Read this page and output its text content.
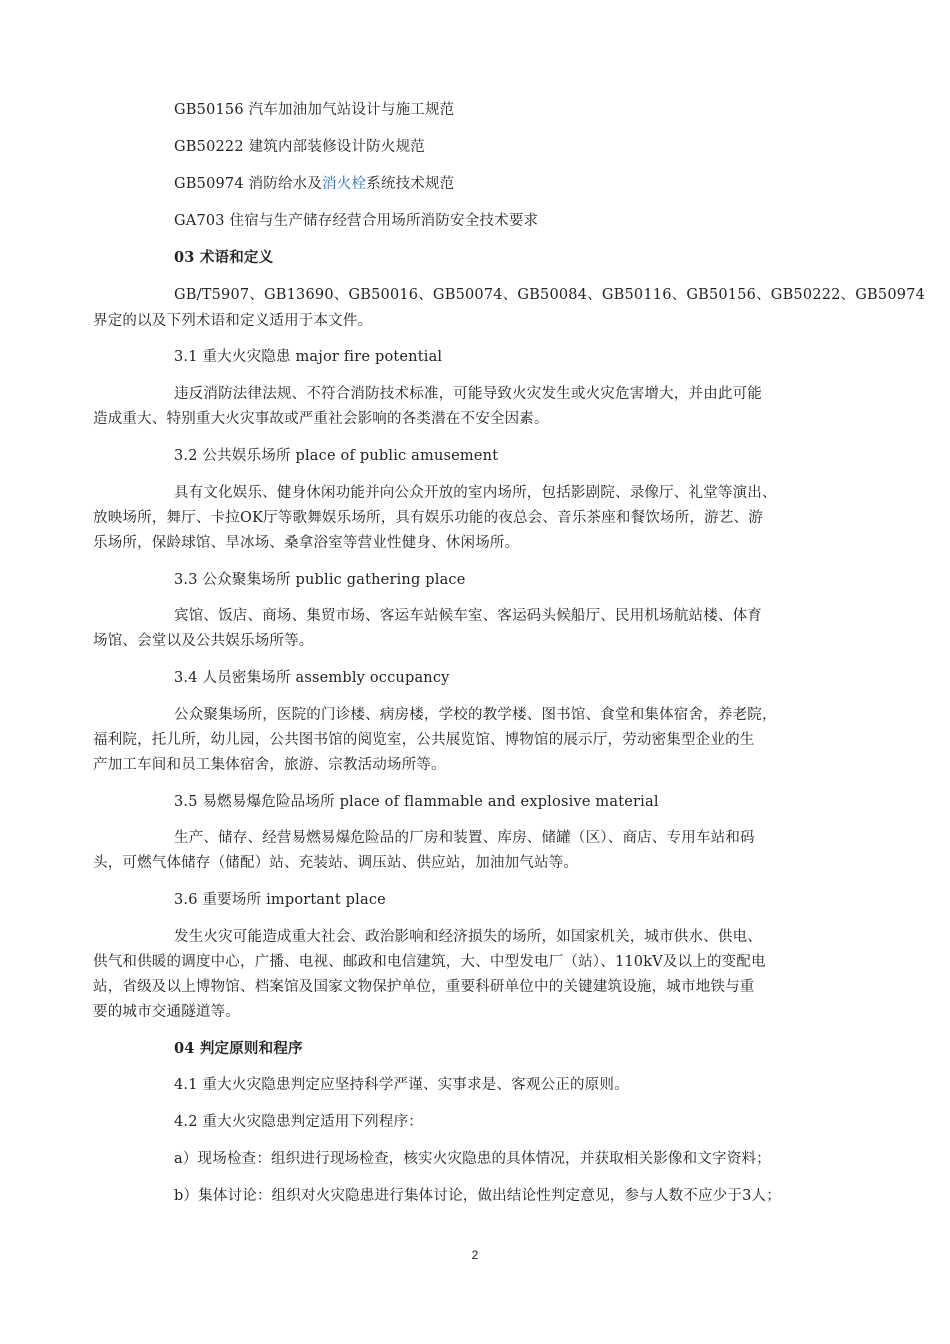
GB50156 汽车加油加气站设计与施工规范
GB50222 建筑内部装修设计防火规范
GB50974 消防给水及消火栓系统技术规范
GA703 住宿与生产储存经营合用场所消防安全技术要求
03 术语和定义
GB/T5907、GB13690、GB50016、GB50074、GB50084、GB50116、GB50156、GB50222、GB50974
界定的以及下列术语和定义适用于本文件。
3.1 重大火灾隐患 major fire potential
违反消防法律法规、不符合消防技术标准，可能导致火灾发生或火灾危害增大，并由此可能
造成重大、特别重大火灾事故或严重社会影响的各类潜在不安全因素。
3.2 公共娱乐场所 place of public amusement
具有文化娱乐、健身休闲功能并向公众开放的室内场所，包括影剧院、录像厅、礼堂等演出、
放映场所，舞厅、卡拉OK厅等歌舞娱乐场所，具有娱乐功能的夜总会、音乐茶座和餐饮场所，游艺、游
乐场所，保龄球馆、旱冰场、桑拿浴室等营业性健身、休闲场所。
3.3 公众聚集场所 public gathering place
宾馆、饭店、商场、集贸市场、客运车站候车室、客运码头候船厅、民用机场航站楼、体育
场馆、会堂以及公共娱乐场所等。
3.4 人员密集场所 assembly occupancy
公众聚集场所，医院的门诊楼、病房楼，学校的教学楼、图书馆、食堂和集体宿舍，养老院，
福利院，托儿所，幼儿园，公共图书馆的阅览室，公共展览馆、博物馆的展示厅，劳动密集型企业的生
产加工车间和员工集体宿舍，旅游、宗教活动场所等。
3.5 易燃易爆危险品场所 place of flammable and explosive material
生产、储存、经营易燃易爆危险品的厂房和装置、库房、储罐（区）、商店、专用车站和码
头，可燃气体储存（储配）站、充装站、调压站、供应站，加油加气站等。
3.6 重要场所 important place
发生火灾可能造成重大社会、政治影响和经济损失的场所，如国家机关，城市供水、供电、
供气和供暖的调度中心，广播、电视、邮政和电信建筑，大、中型发电厂（站）、110kV及以上的变配电
站，省级及以上博物馆、档案馆及国家文物保护单位，重要科研单位中的关键建筑设施，城市地铁与重
要的城市交通隧道等。
04 判定原则和程序
4.1 重大火灾隐患判定应坚持科学严谨、实事求是、客观公正的原则。
4.2 重大火灾隐患判定适用下列程序：
a）现场检查：组织进行现场检查，核实火灾隐患的具体情况，并获取相关影像和文字资料；
b）集体讨论：组织对火灾隐患进行集体讨论，做出结论性判定意见，参与人数不应少于3人；
2
